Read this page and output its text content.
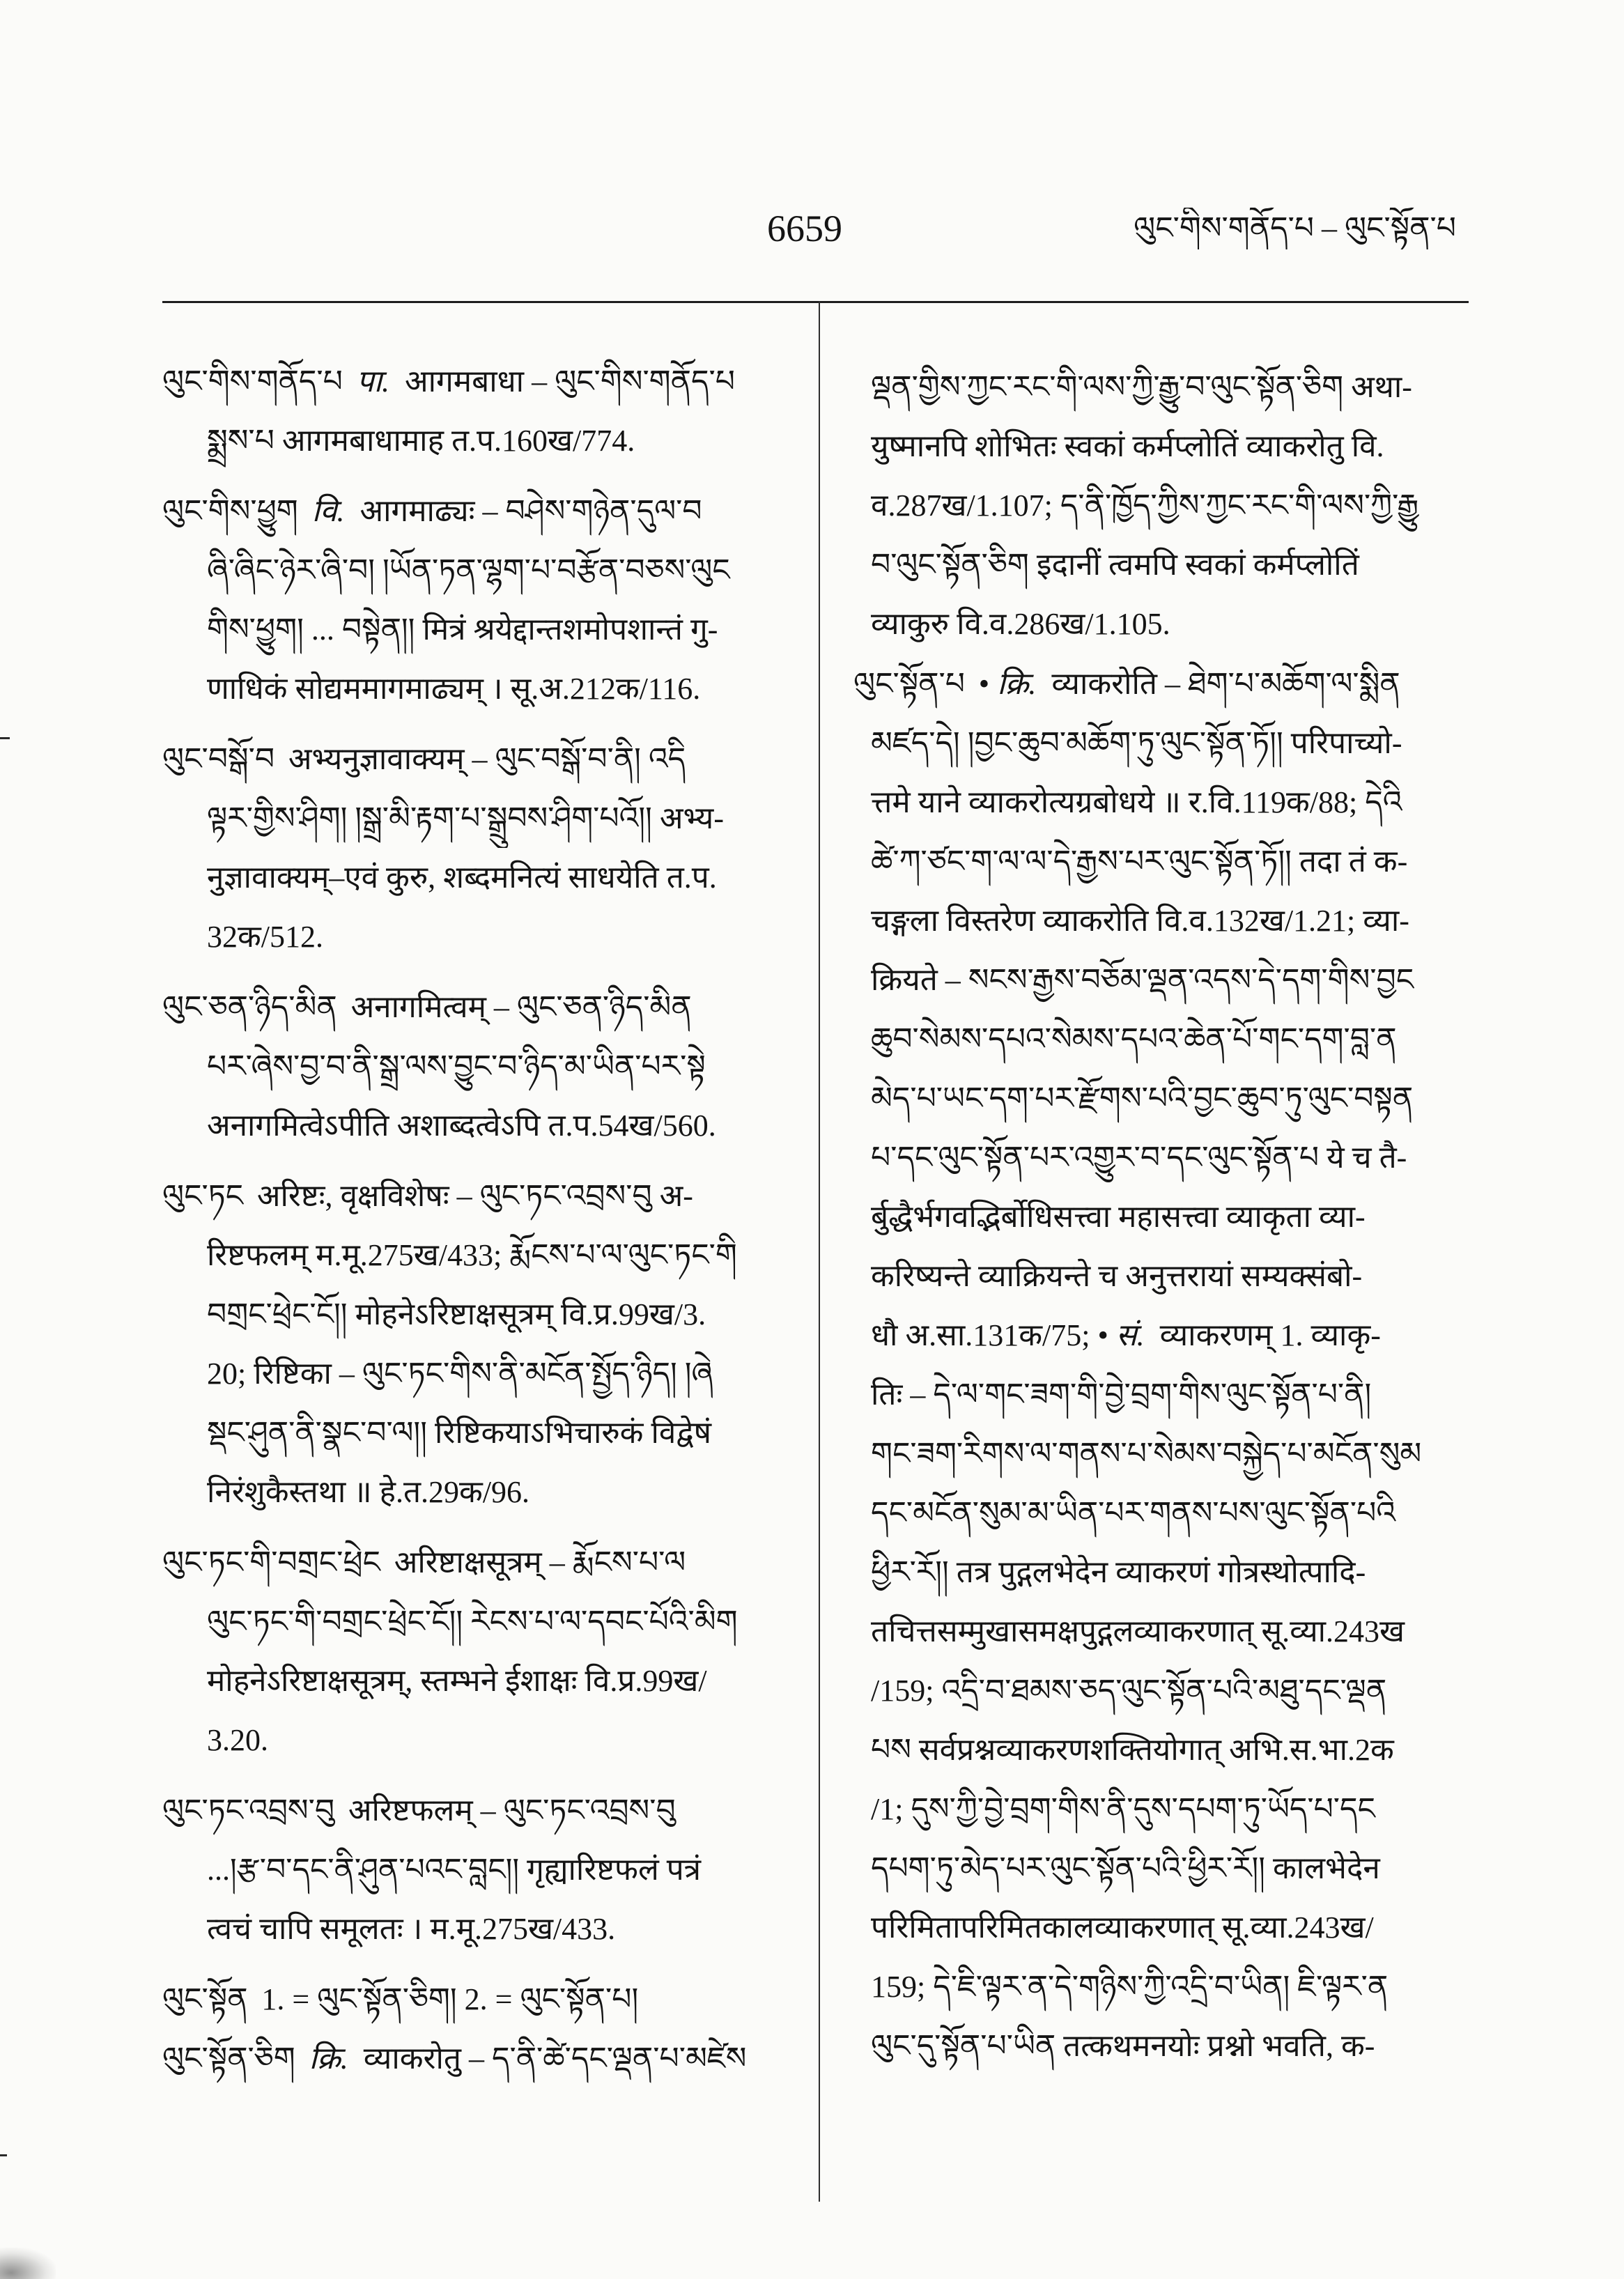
6659	ལུང་གིས་གནོད་པ – ལུང་སྟོན་པ
ལུང་གིས་གནོད་པ पा. आगमबाधा – ལུང་གིས་གནོད་པ
སྨྲས་པ आगमबाधामाह त.प.160ख/774.
ལུང་གིས་ཕྱུག वि. आगमाढ्यः – བཤེས་གཉེན་དུལ་བ
ཞི་ཞིང་ཉེར་ཞི་བ། །ཡོན་ཏན་ལྷག་པ་བརྩོན་བཅས་ལུང
གིས་ཕྱུག། ... བསྟེན།། मित्रं श्रयेद्दान्तशमोपशान्तं गु-
णाधिकं सोद्यममागमाढ्यम् । सू.अ.212क/116.
ལུང་བསྒོ་བ अभ्यनुज्ञावाक्यम् – ལུང་བསྒོ་བ་ནི། འདི
ལྟར་གྱིས་ཤིག། །སྒྲ་མི་རྟག་པ་སྒྲུབས་ཤིག་པའོ།། अभ्य-
नुज्ञावाक्यम्–एवं कुरु, शब्दमनित्यं साधयेति त.प.
32क/512.
ལུང་ཅན་ཉིད་མིན अनागमित्वम् – ལུང་ཅན་ཉིད་མིན
པར་ཞེས་བྱ་བ་ནི་སྒྲ་ལས་བྱུང་བ་ཉིད་མ་ཡིན་པར་སྟེ
अनागमित्वेऽपीति अशाब्दत्वेऽपि त.प.54ख/560.
ལུང་ཏང अरिष्टः, वृक्षविशेषः – ལུང་ཏང་འབྲས་བུ अ-
रिष्टफलम् म.मू.275ख/433; རྨོངས་པ་ལ་ལུང་ཏང་གི
བགྲང་ཕྲེང་ངོ།། मोहनेऽरिष्टाक्षसूत्रम् वि.प्र.99ख/3.
20; रिष्टिका – ལུང་ཏང་གིས་ནི་མངོན་སྤྱོད་ཉིད། །ཞེ
སྡང་ཤུན་ནི་སྣང་བ་ལ།། रिष्टिकयाऽभिचारुकं विद्वेषं
निरंशुकैस्तथा ॥ हे.त.29क/96.
ལུང་ཏང་གི་བགྲང་ཕྲེང अरिष्टाक्षसूत्रम् – རྨོངས་པ་ལ
ལུང་ཏང་གི་བགྲང་ཕྲེང་ངོ།། རེངས་པ་ལ་དབང་པོའི་མིག
मोहनेऽरिष्टाक्षसूत्रम्, स्तम्भने ईशाक्षः वि.प्र.99ख/
3.20.
ལུང་ཏང་འབྲས་བུ अरिष्टफलम् – ལུང་ཏང་འབྲས་བུ
...།རྩ་བ་དང་ནི་ཤུན་པའང་བླང།། गृह्यारिष्टफलं पत्रं
त्वचं चापि समूलतः । म.मू.275ख/433.
ལུང་སྟོན 1. = ལུང་སྟོན་ཅིག། 2. = ལུང་སྟོན་པ།
ལུང་སྟོན་ཅིག क्रि. व्याकरोतु – ད་ནི་ཚེ་དང་ལྡན་པ་མཛེས
ལྡན་གྱིས་ཀྱང་རང་གི་ལས་ཀྱི་རྒྱུ་བ་ལུང་སྟོན་ཅིག अथा-
युष्मानपि शोभितः स्वकां कर्मप्लोतिं व्याकरोतु वि.
व.287ख/1.107; ད་ནི་ཁྱོད་ཀྱིས་ཀྱང་རང་གི་ལས་ཀྱི་རྒྱུ
བ་ལུང་སྟོན་ཅིག इदानीं त्वमपि स्वकां कर्मप्लोतिं
व्याकुरु वि.व.286ख/1.105.
ལུང་སྟོན་པ • क्रि. व्याकरोति – ཐེག་པ་མཆོག་ལ་སྨིན
མཛད་དེ། །བྱང་ཆུབ་མཆོག་ཏུ་ལུང་སྟོན་ཏོ།། परिपाच्यो-
त्तमे याने व्याकरोत्यग्रबोधये ॥ र.वि.119क/88; དེའི
ཚེ་ཀ་ཙང་ག་ལ་ལ་དེ་རྒྱས་པར་ལུང་སྟོན་ཏོ།། तदा तं क-
चङ्गला विस्तरेण व्याकरोति वि.व.132ख/1.21; व्या-
क्रियते – སངས་རྒྱས་བཅོམ་ལྡན་འདས་དེ་དག་གིས་བྱང
ཆུབ་སེམས་དཔའ་སེམས་དཔའ་ཆེན་པོ་གང་དག་བླ་ན
མེད་པ་ཡང་དག་པར་རྫོགས་པའི་བྱང་ཆུབ་ཏུ་ལུང་བསྟན
པ་དང་ལུང་སྟོན་པར་འགྱུར་བ་དང་ལུང་སྟོན་པ ये च तै-
र्बुद्धैर्भगवद्भिर्बोधिसत्त्वा महासत्त्वा व्याकृता व्या-
करिष्यन्ते व्याक्रियन्ते च अनुत्तरायां सम्यक्संबो-
धौ अ.सा.131क/75; • सं. व्याकरणम् 1. व्याकृ-
तिः – དེ་ལ་གང་ཟག་གི་བྱེ་བྲག་གིས་ལུང་སྟོན་པ་ནི།
གང་ཟག་རིགས་ལ་གནས་པ་སེམས་བསྐྱེད་པ་མངོན་སུམ
དང་མངོན་སུམ་མ་ཡིན་པར་གནས་པས་ལུང་སྟོན་པའི
ཕྱིར་རོ།། तत्र पुद्गलभेदेन व्याकरणं गोत्रस्थोत्पादि-
तचित्तसम्मुखासमक्षपुद्गलव्याकरणात् सू.व्या.243ख
/159; འདྲི་བ་ཐམས་ཅད་ལུང་སྟོན་པའི་མཐུ་དང་ལྡན
པས सर्वप्रश्नव्याकरणशक्तियोगात् अभि.स.भा.2क
/1; དུས་ཀྱི་བྱེ་བྲག་གིས་ནི་དུས་དཔག་ཏུ་ཡོད་པ་དང
དཔག་ཏུ་མེད་པར་ལུང་སྟོན་པའི་ཕྱིར་རོ།། कालभेदेन
परिमितापरिमितकालव्याकरणात् सू.व्या.243ख/
159; དེ་ཇི་ལྟར་ན་དེ་གཉིས་ཀྱི་འདྲི་བ་ཡིན། ཇི་ལྟར་ན
ལུང་དུ་སྟོན་པ་ཡིན तत्कथमनयोः प्रश्नो भवति, क-
